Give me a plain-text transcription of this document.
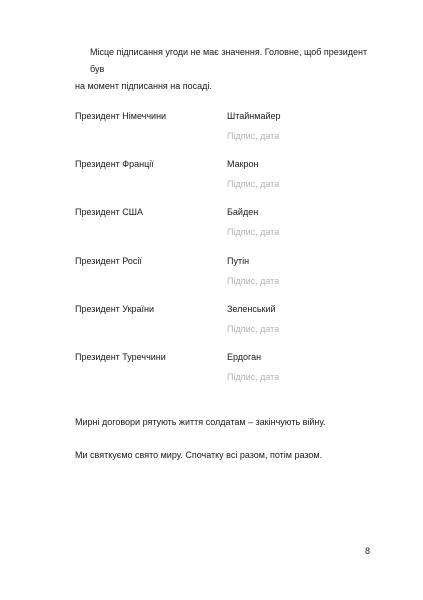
Місце підписання угоди не має значення. Головне, щоб президент був
на момент підписання на посаді.
Президент Німеччини	Штайнмайер
Підпис, дата
Президент Франції	Макрон
Підпис, дата
Президент США	Байден
Підпис, дата
Президент Росії	Путін
Підпис, дата
Президент України	Зеленський
Підпис, дата
Президент Туреччини	Ердоган
Підпис, дата
Мирні договори рятують життя солдатам – закінчують війну.
Ми святкуємо свято миру. Спочатку всі разом, потім разом.
8
